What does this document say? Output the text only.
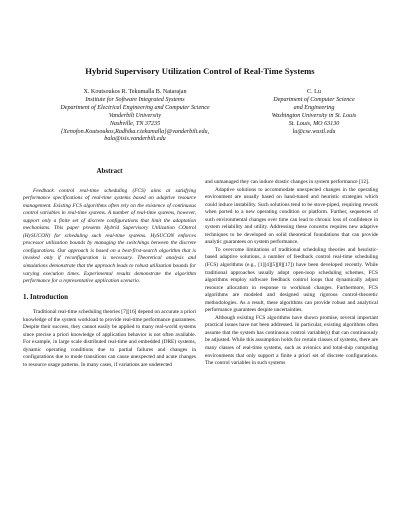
Hybrid Supervisory Utilization Control of Real-Time Systems
X. Koutsoukos R. Tekumalla B. Natarajan
Institute for Software Integrated Systems
Department of Electrical Engineering and Computer Science
Vanderbilt University
Nashville, TN 37235
{Xenofon.Koutsoukos,Radhika.r.tekumalla}@vanderbilt.edu,
bala@isis.vanderbilt.edu
C. Lu
Department of Computer Science
and Engineering
Washington University in St. Louis
St. Louis, MO 63130
lu@cse.wustl.edu
Abstract

Feedback control real-time scheduling (FCS) aims at satisfying performance specifications of real-time systems based on adaptive resource management. Existing FCS algorithms often rely on the existence of continuous control variables in real-time systems. A number of real-time systems, however, support only a finite set of discrete configurations that limit the adaptation mechanisms. This paper presents Hybrid Supervisory Utilization COntrol (HySUCON) for scheduling such real-time systems. HySUCON enforces processor utilization bounds by managing the switchings between the discrete configurations. Our approach is based on a best-first-search algorithm that is invoked only if reconfiguration is necessary. Theoretical analysis and simulations demonstrate that the approach leads to robust utilization bounds for varying execution times. Experimental results demonstrate the algorithm performance for a representative application scenario.

1. Introduction

Traditional real-time scheduling theories [7][16] depend on accurate a priori knowledge of the system workload to provide real-time performance guarantees. Despite their success, they cannot easily be applied to many real-world systems since precise a priori knowledge of application behavior is not often available. For example, in large scale distributed real-time and embedded (DRE) systems, dynamic operating conditions due to partial failures and changes in configurations due to mode transitions can cause unexpected and acute changes to resource usage patterns. In many cases, if variations are undetected

and unmanaged they can induce drastic changes in system performance [12].

Adaptive solutions to accommodate unexpected changes in the operating environment are usually based on hand-tuned and heuristic strategies which could induce instability. Such solutions tend to be stove-piped, requiring rework when ported to a new operating condition or platform. Further, sequences of such environmental changes over time can lead to chronic loss of confidence in system reliability and utility. Addressing these concerns requires new adaptive techniques to be developed on solid theoretical foundations that can provide analytic guarantees on system performance.

To overcome limitations of traditional scheduling theories and heuristic-based adaptive solutions, a number of feedback control real-time scheduling (FCS) algorithms (e.g., [1][4][5][8][17]) have been developed recently. While traditional approaches usually adopt open-loop scheduling schemes, FCS algorithms employ software feedback control loops that dynamically adjust resource allocation in response to workload changes. Furthermore, FCS algorithms are modeled and designed using rigorous control-theoretic methodologies. As a result, these algorithms can provide robust and analytical performance guarantees despite uncertainties.

Although existing FCS algorithms have shown promise, several important practical issues have not been addressed. In particular, existing algorithms often assume that the system has continuous control variable(s) that can continuously be adjusted. While this assumption holds for certain classes of systems, there are many classes of real-time systems, such as avionics and total-ship computing environments that only support a finite a priori set of discrete configurations. The control variables in such systems
